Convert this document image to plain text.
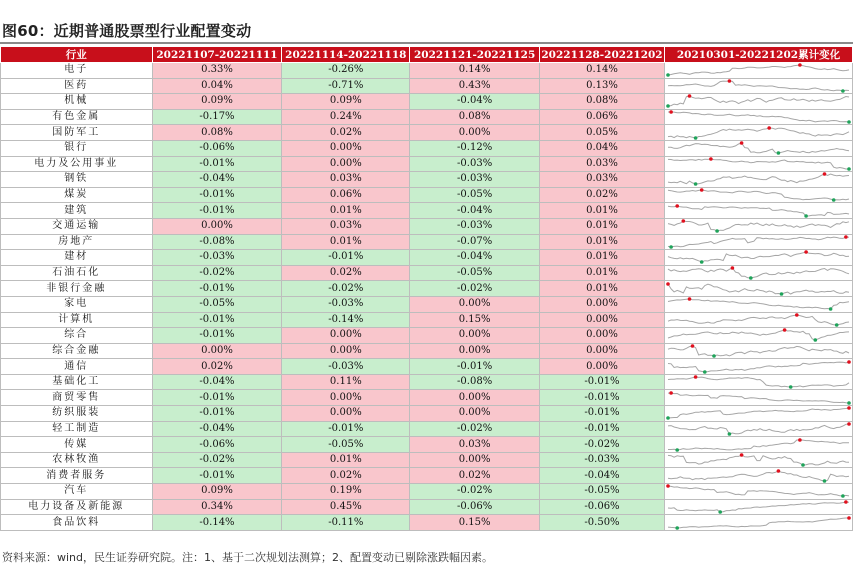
图60：近期普通股票型行业配置变动
行业	20221107-20221111	20221114-20221118	20221121-20221125	20221128-20221202	20210301-20221202累计变化
电子	0.33%	-0.26%	0.14%	0.14%	

医药	0.04%	-0.71%	0.43%	0.13%	

机械	0.09%	0.09%	-0.04%	0.08%	

有色金属	-0.17%	0.24%	0.08%	0.06%	

国防军工	0.08%	0.02%	0.00%	0.05%	

银行	-0.06%	0.00%	-0.12%	0.04%	

电力及公用事业	-0.01%	0.00%	-0.03%	0.03%	

钢铁	-0.04%	0.03%	-0.03%	0.03%	

煤炭	-0.01%	0.06%	-0.05%	0.02%	

建筑	-0.01%	0.01%	-0.04%	0.01%	

交通运输	0.00%	0.03%	-0.03%	0.01%	

房地产	-0.08%	0.01%	-0.07%	0.01%	

建材	-0.03%	-0.01%	-0.04%	0.01%	

石油石化	-0.02%	0.02%	-0.05%	0.01%	

非银行金融	-0.01%	-0.02%	-0.02%	0.01%	

家电	-0.05%	-0.03%	0.00%	0.00%	

计算机	-0.01%	-0.14%	0.15%	0.00%	

综合	-0.01%	0.00%	0.00%	0.00%	

综合金融	0.00%	0.00%	0.00%	0.00%	

通信	0.02%	-0.03%	-0.01%	0.00%	

基础化工	-0.04%	0.11%	-0.08%	-0.01%	

商贸零售	-0.01%	0.00%	0.00%	-0.01%	

纺织服装	-0.01%	0.00%	0.00%	-0.01%	

轻工制造	-0.04%	-0.01%	-0.02%	-0.01%	

传媒	-0.06%	-0.05%	0.03%	-0.02%	

农林牧渔	-0.02%	0.01%	0.00%	-0.03%	

消费者服务	-0.01%	0.02%	0.02%	-0.04%	

汽车	0.09%	0.19%	-0.02%	-0.05%	

电力设备及新能源	0.34%	0.45%	-0.06%	-0.06%	

食品饮料	-0.14%	-0.11%	0.15%	-0.50%	
资料来源：wind，民生证券研究院。注：1、基于二次规划法测算；2、配置变动已剔除涨跌幅因素。
